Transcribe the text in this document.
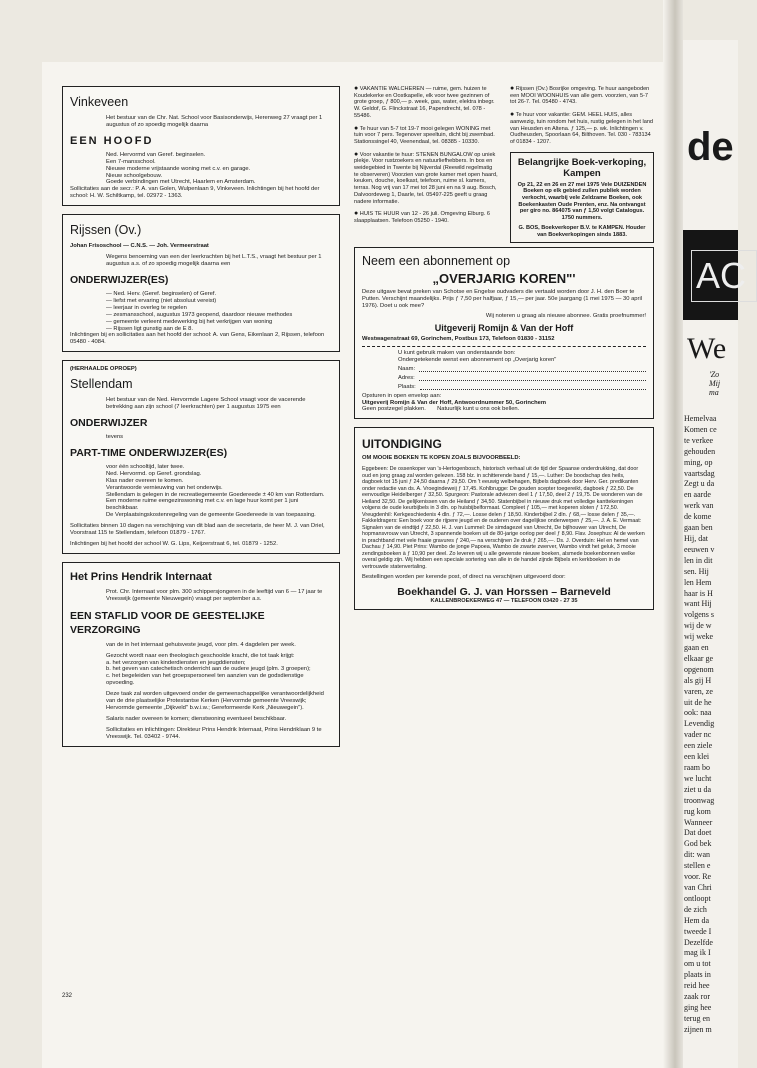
Vinkeveen
Het bestuur van de Chr. Nat. School voor Basisonderwijs, Herenweg 27 vraagt per 1 augustus of zo spoedig mogelijk daarna
EEN HOOFD
Ned. Hervormd van Geref. beginselen.
Een 7-mansschool.
Nieuwe moderne vrijstaande woning met c.v. en garage.
Nieuw schoolgebouw.
Goede verbindingen met Utrecht, Haarlem en Amsterdam.
Sollicitaties aan de secr.: P. A. van Golen, Wulpenlaan 9, Vinkeveen. Inlichtingen bij het hoofd der school: H. W. Schiltkamp, tel. 02972 - 1363.
Rijssen (Ov.)
Johan Frisoschool — C.N.S. — Joh. Vermeerstraat
Wegens benoeming van een der leerkrachten bij het L.T.S., vraagt het bestuur per 1 augustus a.s. of zo spoedig mogelijk daarna een
ONDERWIJZER(ES)
— Ned. Herv. (Geref. beginselen) of Geref.
— liefst met ervaring (niet absoluut vereist)
— leerjaar in overleg te regelen
— zesmansschool, augustus 1973 geopend, daardoor nieuwe methodes
— gemeente verleent medewerking bij het verkrijgen van woning
— Rijssen ligt gunstig aan de E 8.
Inlichtingen bij en sollicitaties aan het hoofd der school: A. van Gens, Eikenlaan 2, Rijssen, telefoon 05480 - 4084.
(HERHAALDE OPROEP)
Stellendam
Het bestuur van de Ned. Hervormde Lagere School vraagt voor de vacerende betrekking aan zijn school (7 leerkrachten) per 1 augustus 1975 een
ONDERWIJZER
tevens
PART-TIME ONDERWIJZER(ES)
voor één schooltijd, later twee.
Ned. Hervormd. op Geref. grondslag.
Klas nader overeen te komen.
Verantwoorde vernieuwing van het onderwijs.
Stellendam is gelegen in de recreatiegemeente Goedereede ± 40 km van Rotterdam.
Een moderne ruime eengezinswoning met c.v. en lage huur komt per 1 juni beschikbaar.
De Verplaatsingskostenregeling van de gemeente Goedereede is van toepassing.
Sollicitaties binnen 10 dagen na verschijning van dit blad aan de secretaris, de heer M. J. van Driel, Voorstraat 115 te Stellendam, telefoon 01879 - 1767.
Inlichtingen bij het hoofd der school W. G. Lips, Keijzerstraat 6, tel. 01879 - 1252.
Het Prins Hendrik Internaat
Prot. Chr. Internaat voor plm. 300 schippersjongeren in de leeftijd van 6 — 17 jaar te Vreeswijk (gemeente Nieuwegein) vraagt per september a.s.
EEN STAFLID VOOR DE GEESTELIJKE VERZORGING
van de in het internaat gehuisveste jeugd, voor plm. 4 dagdelen per week.
Gezocht wordt naar een theologisch geschoolde kracht, die tot taak krijgt:
a. het verzorgen van kinderdiensten en jeugddiensten;
b. het geven van catechetisch onderricht aan de oudere jeugd (plm. 3 groepen);
c. het begeleiden van het groepspersoneel ten aanzien van de godsdienstige opvoeding.
Deze taak zal worden uitgevoerd onder de gemeenschappelijke verantwoordelijkheid van de drie plaatselijke Protestantse Kerken (Hervormde gemeente Vreeswijk; Hervormde gemeente „Dijkveld" b.w.i.w.; Gereformeerde Kerk „Nieuwegein").
Salaris nader overeen te komen; dienstwoning eventueel beschikbaar.
Sollicitaties en inlichtingen: Direkteur Prins Hendrik Internaat, Prins Hendriklaan 9 te Vreeswijk. Tel. 03402 - 9744.
● VAKANTIE WALCHEREN — ruime, gem. huizen te Koudekerke en Oostkapelle, elk voor twee gezinnen of grote groep, ƒ 800,— p. week, gas, water, elektra inbegr. W. Geldof, G. Flinckstraat 16, Papendrecht, tel. 078 - 55486.
● Te huur van 5-7 tot 19-7 mooi gelegen WONING met tuin voor 7 pers. Tegenover speeltuin, dicht bij zwembad. Stationssingel 40, Veenendaal, tel. 08385 - 10330.
● Voor vakantie te huur: STENEN BUNGALOW op uniek plekje. Voor rustzoekers en natuurliefhebbers. In bos en weidegebied in Twente bij Nijverdal (Reewild regelmatig te observeren) Voorzien van grote kamer met open haard, keuken, douche, koelkast, telefoon, ruime sl. kamers, terras. Nog vrij van 17 mei tot 28 juni en na 9 aug. Bosch, Dalvoordeweg 1, Daarle, tel. 05497-225 geeft u graag nadere informatie.
● HUIS TE HUUR van 12 - 26 juli. Omgeving Elburg. 6 slaapplaatsen. Telefoon 05250 - 1940.
● Rijssen (Ov.) Bosrijke omgeving. Te huur aangeboden een MOOI WOONHUIS van alle gem. voorzien, van 5-7 tot 26-7. Tel. 05480 - 4743.
● Te huur voor vakantie: GEM. HEEL HUIS, alles aanwezig, tuin rondom het huis, rustig gelegen in het land van Heusden en Altena. ƒ 125,— p. wk. Inlichtingen v. Oudheusden, Spoorlaan 64, Bilthoven. Tel. 030 - 783134 of 01834 - 1207.
Belangrijke Boek-verkoping, Kampen
Op 21, 22 en 26 en 27 mei 1975 Vele DUIZENDEN Boeken op elk gebied zullen publiek worden verkocht, waarbij vele Zeldzame Boeken, ook Boekenkasten Oude Prenten, enz. Na ontvangst per giro no. 864075 van ƒ 1,50 volgt Catalogus. 1750 nummers.
G. BOS, Boekverkoper B.V. te KAMPEN. Houder van Boekverkopingen sinds 1883.
Neem een abonnement op
„OVERJARIG KOREN"'
Deze uitgave bevat preken van Schotse en Engelse oudvaders die vertaald worden door J. H. den Boer te Putten. Verschijnt maandelijks. Prijs ƒ 7,50 per halfjaar, ƒ 15,— per jaar. 50e jaargang (1 mei 1975 — 30 april 1976). Doet u ook mee?
Wij noteren u graag als nieuwe abonnee. Gratis proefnummer!
Uitgeverij Romijn & Van der Hoff
Westwagenstraat 69, Gorinchem, Postbus 173, Telefoon 01830 - 31152
U kunt gebruik maken van onderstaande bon:
Ondergetekende wenst een abonnement op „Overjarig koren"
Naam:
Adres:
Plaats:
Opsturen in open envelop aan:
Uitgeverij Romijn & Van der Hoff, Antwoordnummer 50, Gorinchem
Geen postzegel plakken.       Natuurlijk kunt u ons ook bellen.
UITONDIGING
OM MOOIE BOEKEN TE KOPEN ZOALS BIJVOORBEELD:
Eggebeen: De ossenkoper van 's-Hertogenbosch, historisch verhaal uit de tijd der Spaanse onderdrukking, dat door oud en jong graag zal worden gelezen. 158 blz. in schitterende band ƒ 15,—. Luther: De boodschap des heils, dagboek tot 15 juni ƒ 24,50 daarna ƒ 29,50. Om 't eeuwig welbehagen, Bijbels dagboek door Herv. Ger. predikanten onder redactie van ds. A. Vroegindeweij ƒ 17,45. Kohlbrugge: De gouden scepter toegereikt, dagboek ƒ 22,50. De eenvoudige Heidelberger ƒ 32,50. Spurgeon: Pastorale adviezen deel 1 ƒ 17,50, deel 2 ƒ 19,75. De wonderen van de Heiland 32,50. De gelijkenissen van de Heiland ƒ 34,50. Statenbijbel in nieuwe druk met volledige kanttekeningen volgens de oude keurbijbels in 3 dln. op huisbijbelformaat. Compleet ƒ 105,— met koperen sloten ƒ 172,50. Vreugdenhil: Kerkgeschiedenis 4 dln. ƒ 72,—. Losse delen ƒ 18,50. Kinderbijbel 2 dln. ƒ 68,— losse delen ƒ 35,—. Fakkeldragers: Een boek voor de rijpere jeugd en de ouderen over dagelijkse onderwerpen ƒ 25,—. J. A. E. Vermaat: Signalen van de eindtijd ƒ 22,50. H. J. van Lummel: De simdagezel van Utrecht, De bijlhouwer van Utrecht, De hopmansvrouw van Utrecht, 3 spannende boeken uit de 80-jarige oorlog per deel ƒ 8,90. Flav. Josephus: Al de werken in prachtband met vele fraaie gravures ƒ 240,— na verschijnen 2e druk ƒ 265,—. Ds. J. Overduin: Hel en hemel van Dachau ƒ 14,90. Piet Prins: Wambo de jonge Papoea, Wambo de zwarte zwerver, Wambo vindt het geluk, 3 mooie zendingsboeken à ƒ 10,90 per deel. Zo leveren wij u alle gewenste nieuwe boeken, alsmede boekenbonnen welke overal geldig zijn. Wij hebben een speciale sortering van alle in de handel zijnde Bijbels en kerkboeken in de vertrouwde statenvertaling.
Bestellingen worden per kerende post, of direct na verschijnen uitgevoerd door:
Boekhandel G. J. van Horssen – Barneveld
KALLENBROEKERWEG 47 — TELEFOON 03420 - 27 35
232
de
AC
We
'Zo
Mij
ma
Hemelvaa
Komen ce
te verkee
gehouden
ming, op
vaartsdag
Zegt u da
en aarde
werk van
de kome
gaan ben
Hij, dat
eeuwen v
len in dit
sen. Hij
len Hem
haar is H
want Hij
volgens s
wij de w
wij weke
gaan en
elkaar ge
opgenom
als gij H
varen, ze
uit de he
ook: naa
Levendig
vader nc
een ziele
een klei
raam bo
we lucht
ziet u da
troonwag
rug kom
Wanneer
Dat doet
God bek
dit: wan
stellen e
voor. Re
van Chri
ontloopt
de zich
Hem da
tweede I
Dezelfde
mag ik I
om u tot
plaats in
reid hee
zaak ror
ging hee
terug en
zijnen m
